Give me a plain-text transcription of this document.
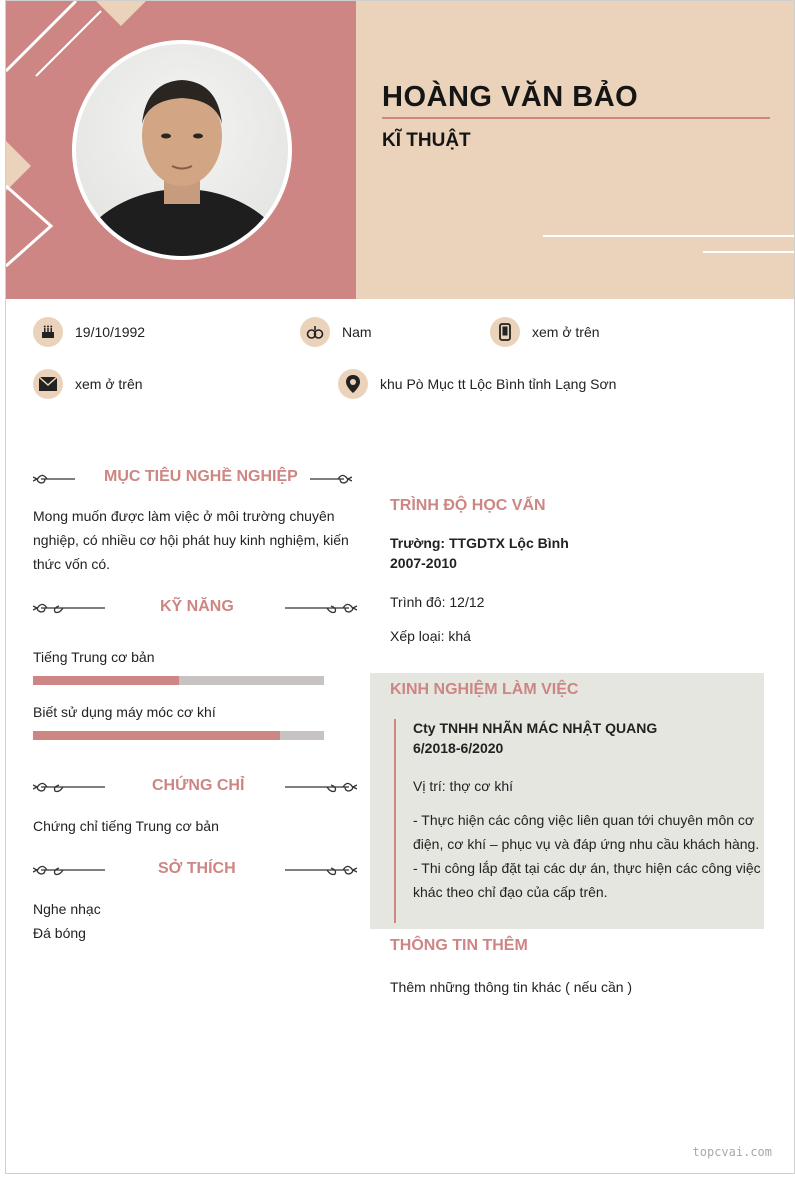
HOÀNG VĂN BẢO
KĨ THUẬT
19/10/1992	Nam	xem ở trên
xem ở trên	khu Pò Mục tt Lộc Bình tỉnh Lạng Sơn
MỤC TIÊU NGHỀ NGHIỆP
Mong muốn được làm việc ở môi trường chuyên nghiệp, có nhiều cơ hội phát huy kinh nghiệm, kiến thức vốn có.
KỸ NĂNG
Tiếng Trung cơ bản
Biết sử dụng máy móc cơ khí
CHỨNG CHỈ
Chứng chỉ tiếng Trung cơ bản
SỞ THÍCH
Nghe nhạc
Đá bóng
TRÌNH ĐỘ HỌC VẤN
Trường: TTGDTX Lộc Bình
2007-2010
Trình đô: 12/12
Xếp loại: khá
KINH NGHIỆM LÀM VIỆC
Cty TNHH NHÃN MÁC NHẬT QUANG
6/2018-6/2020
Vị trí: thợ cơ khí
- Thực hiện các công việc liên quan tới chuyên môn cơ điện, cơ khí – phục vụ và đáp ứng nhu cầu khách hàng.
- Thi công lắp đặt tại các dự án, thực hiện các công việc khác theo chỉ đạo của cấp trên.
THÔNG TIN THÊM
Thêm những thông tin khác ( nếu cần )
topcvai.com
